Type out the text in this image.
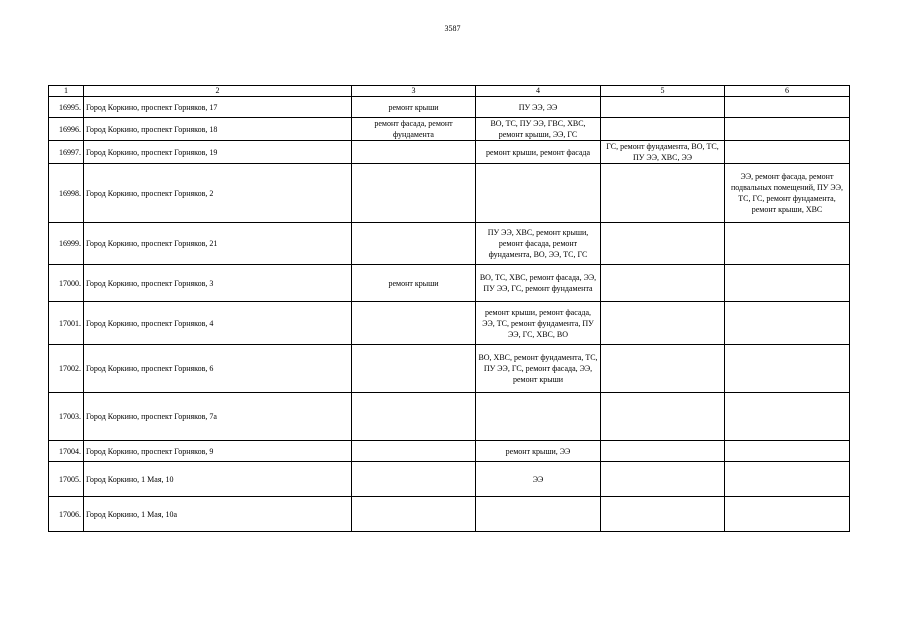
3587
1	2	3	4	5	6
16995.	Город Коркино, проспект Горняков, 17	ремонт крыши	ПУ ЭЭ, ЭЭ		
16996.	Город Коркино, проспект Горняков, 18	ремонт фасада, ремонт фундамента	ВО, ТС, ПУ ЭЭ, ГВС, ХВС, ремонт крыши, ЭЭ, ГС		
16997.	Город Коркино, проспект Горняков, 19		ремонт крыши, ремонт фасада	ГС, ремонт фундамента, ВО, ТС, ПУ ЭЭ, ХВС, ЭЭ	
16998.	Город Коркино, проспект Горняков, 2				ЭЭ, ремонт фасада, ремонт подвальных помещений, ПУ ЭЭ, ТС, ГС, ремонт фундамента, ремонт крыши, ХВС
16999.	Город Коркино, проспект Горняков, 21		ПУ ЭЭ, ХВС, ремонт крыши, ремонт фасада, ремонт фундамента, ВО, ЭЭ, ТС, ГС		
17000.	Город Коркино, проспект Горняков, 3	ремонт крыши	ВО, ТС, ХВС, ремонт фасада, ЭЭ, ПУ ЭЭ, ГС, ремонт фундамента		
17001.	Город Коркино, проспект Горняков, 4		ремонт крыши, ремонт фасада, ЭЭ, ТС, ремонт фундамента, ПУ ЭЭ, ГС, ХВС, ВО		
17002.	Город Коркино, проспект Горняков, 6		ВО, ХВС, ремонт фундамента, ТС, ПУ ЭЭ, ГС, ремонт фасада, ЭЭ, ремонт крыши		
17003.	Город Коркино, проспект Горняков, 7а				
17004.	Город Коркино, проспект Горняков, 9		ремонт крыши, ЭЭ		
17005.	Город Коркино, 1 Мая, 10		ЭЭ		
17006.	Город Коркино, 1 Мая, 10а				
